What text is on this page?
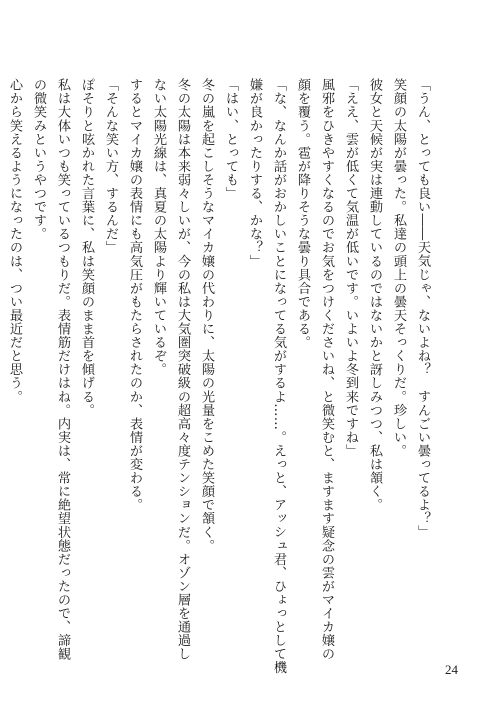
「うん、とっても良い――天気じゃ、ないよね？　すんごい曇ってるよ？」
笑顔の太陽が曇った。私達の頭上の曇天そっくりだ。珍しい。
彼女と天候が実は連動しているのではないかと訝しみつつ、私は頷く。
「ええ、雲が低くて気温が低いです。いよいよ冬到来ですね」
風邪をひきやすくなるのでお気をつけくださいね、と微笑むと、ますます疑念の雲がマイカ嬢の
顔を覆う。雹が降りそうな曇り具合である。
「な、なんか話がおかしいことになってる気がするよ……。えっと、アッシュ君、ひょっとして機
嫌が良かったりする、かな？」
「はい、とっても」
冬の嵐を起こしそうなマイカ嬢の代わりに、太陽の光量をこめた笑顔で頷く。
冬の太陽は本来弱々しいが、今の私は大気圏突破級の超高々度テンションだ。オゾン層を通過し
ない太陽光線は、真夏の太陽より輝いているぞ。
するとマイカ嬢の表情にも高気圧がもたらされたのか、表情が変わる。
「そんな笑い方、するんだ」
ぽそりと呟かれた言葉に、私は笑顔のまま首を傾げる。
私は大体いつも笑っているつもりだ。表情筋だけはね。内実は、常に絶望状態だったので、諦観
の微笑みというやつです。
心から笑えるようになったのは、つい最近だと思う。
24
